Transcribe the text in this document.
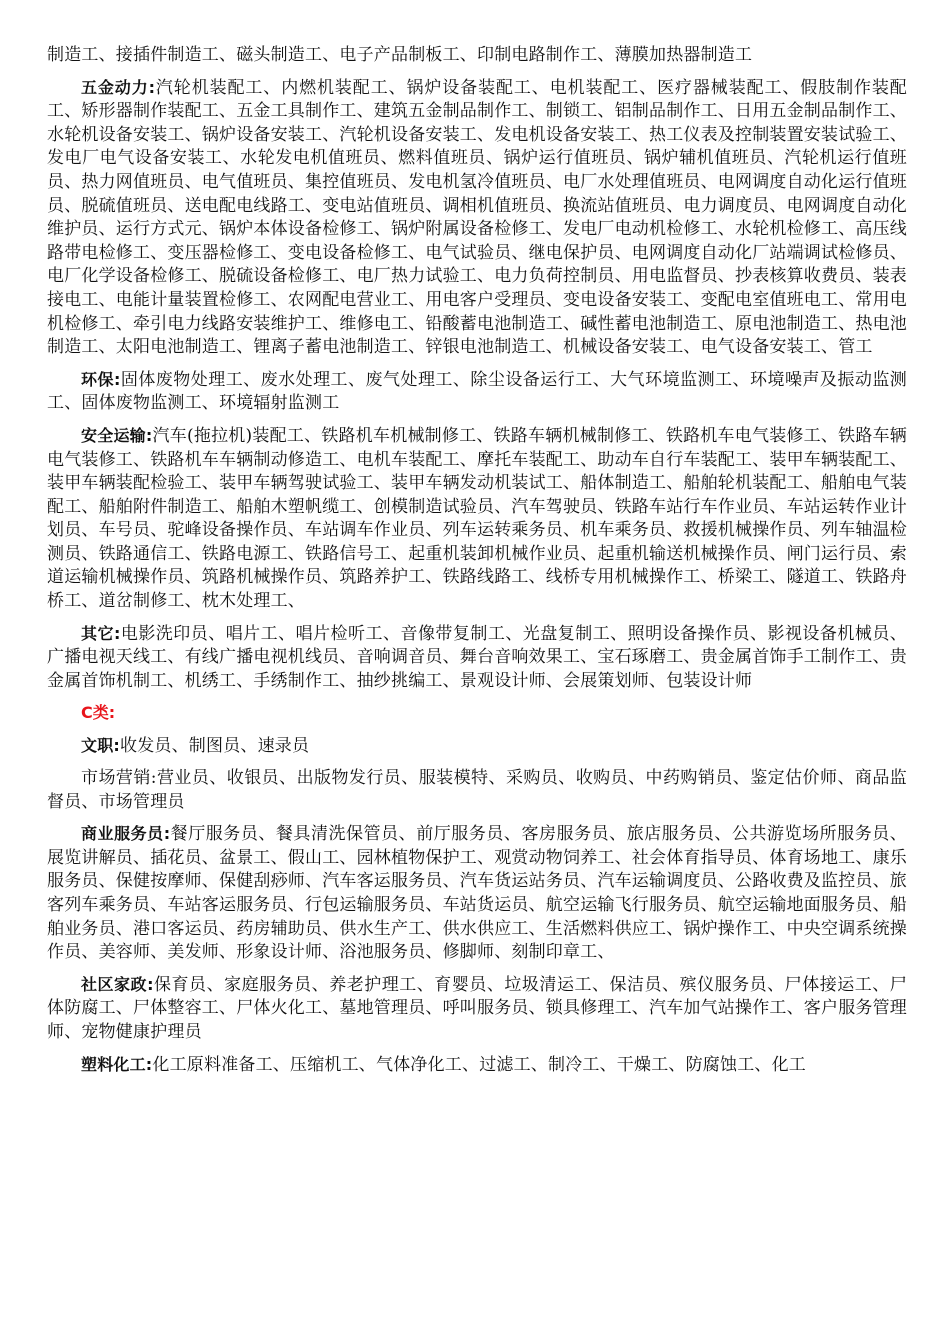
制造工、接插件制造工、磁头制造工、电子产品制板工、印制电路制作工、薄膜加热器制造工

五金动力:汽轮机装配工、内燃机装配工、锅炉设备装配工、电机装配工、医疗器械装配工、假肢制作装配工、矫形器制作装配工、五金工具制作工、建筑五金制品制作工、制锁工、铝制品制作工、日用五金制品制作工、水轮机设备安装工、锅炉设备安装工、汽轮机设备安装工、发电机设备安装工、热工仪表及控制装置安装试验工、发电厂电气设备安装工、水轮发电机值班员、燃料值班员、锅炉运行值班员、锅炉辅机值班员、汽轮机运行值班员、热力网值班员、电气值班员、集控值班员、发电机氢冷值班员、电厂水处理值班员、电网调度自动化运行值班员、脱硫值班员、送电配电线路工、变电站值班员、调相机值班员、换流站值班员、电力调度员、电网调度自动化维护员、运行方式元、锅炉本体设备检修工、锅炉附属设备检修工、发电厂电动机检修工、水轮机检修工、高压线路带电检修工、变压器检修工、变电设备检修工、电气试验员、继电保护员、电网调度自动化厂站端调试检修员、电厂化学设备检修工、脱硫设备检修工、电厂热力试验工、电力负荷控制员、用电监督员、抄表核算收费员、装表接电工、电能计量装置检修工、农网配电营业工、用电客户受理员、变电设备安装工、变配电室值班电工、常用电机检修工、牵引电力线路安装维护工、维修电工、铅酸蓄电池制造工、碱性蓄电池制造工、原电池制造工、热电池制造工、太阳电池制造工、锂离子蓄电池制造工、锌银电池制造工、机械设备安装工、电气设备安装工、管工

环保:固体废物处理工、废水处理工、废气处理工、除尘设备运行工、大气环境监测工、环境噪声及振动监测工、固体废物监测工、环境辐射监测工

安全运输:汽车(拖拉机)装配工、铁路机车机械制修工、铁路车辆机械制修工、铁路机车电气装修工、铁路车辆电气装修工、铁路机车车辆制动修造工、电机车装配工、摩托车装配工、助动车自行车装配工、装甲车辆装配工、装甲车辆装配检验工、装甲车辆驾驶试验工、装甲车辆发动机装试工、船体制造工、船舶轮机装配工、船舶电气装配工、船舶附件制造工、船舶木塑帆缆工、创模制造试验员、汽车驾驶员、铁路车站行车作业员、车站运转作业计划员、车号员、驼峰设备操作员、车站调车作业员、列车运转乘务员、机车乘务员、救援机械操作员、列车轴温检测员、铁路通信工、铁路电源工、铁路信号工、起重机装卸机械作业员、起重机输送机械操作员、闸门运行员、索道运输机械操作员、筑路机械操作员、筑路养护工、铁路线路工、线桥专用机械操作工、桥梁工、隧道工、铁路舟桥工、道岔制修工、枕木处理工、

其它:电影洗印员、唱片工、唱片检听工、音像带复制工、光盘复制工、照明设备操作员、影视设备机械员、广播电视天线工、有线广播电视机线员、音响调音员、舞台音响效果工、宝石琢磨工、贵金属首饰手工制作工、贵金属首饰机制工、机绣工、手绣制作工、抽纱挑编工、景观设计师、会展策划师、包装设计师

C类:

文职:收发员、制图员、速录员

市场营销:营业员、收银员、出版物发行员、服装模特、采购员、收购员、中药购销员、鉴定估价师、商品监督员、市场管理员

商业服务员:餐厅服务员、餐具清洗保管员、前厅服务员、客房服务员、旅店服务员、公共游览场所服务员、展览讲解员、插花员、盆景工、假山工、园林植物保护工、观赏动物饲养工、社会体育指导员、体育场地工、康乐服务员、保健按摩师、保健刮痧师、汽车客运服务员、汽车货运站务员、汽车运输调度员、公路收费及监控员、旅客列车乘务员、车站客运服务员、行包运输服务员、车站货运员、航空运输飞行服务员、航空运输地面服务员、船舶业务员、港口客运员、药房辅助员、供水生产工、供水供应工、生活燃料供应工、锅炉操作工、中央空调系统操作员、美容师、美发师、形象设计师、浴池服务员、修脚师、刻制印章工、

社区家政:保育员、家庭服务员、养老护理工、育婴员、垃圾清运工、保洁员、殡仪服务员、尸体接运工、尸体防腐工、尸体整容工、尸体火化工、墓地管理员、呼叫服务员、锁具修理工、汽车加气站操作工、客户服务管理师、宠物健康护理员

塑料化工:化工原料准备工、压缩机工、气体净化工、过滤工、制冷工、干燥工、防腐蚀工、化工
